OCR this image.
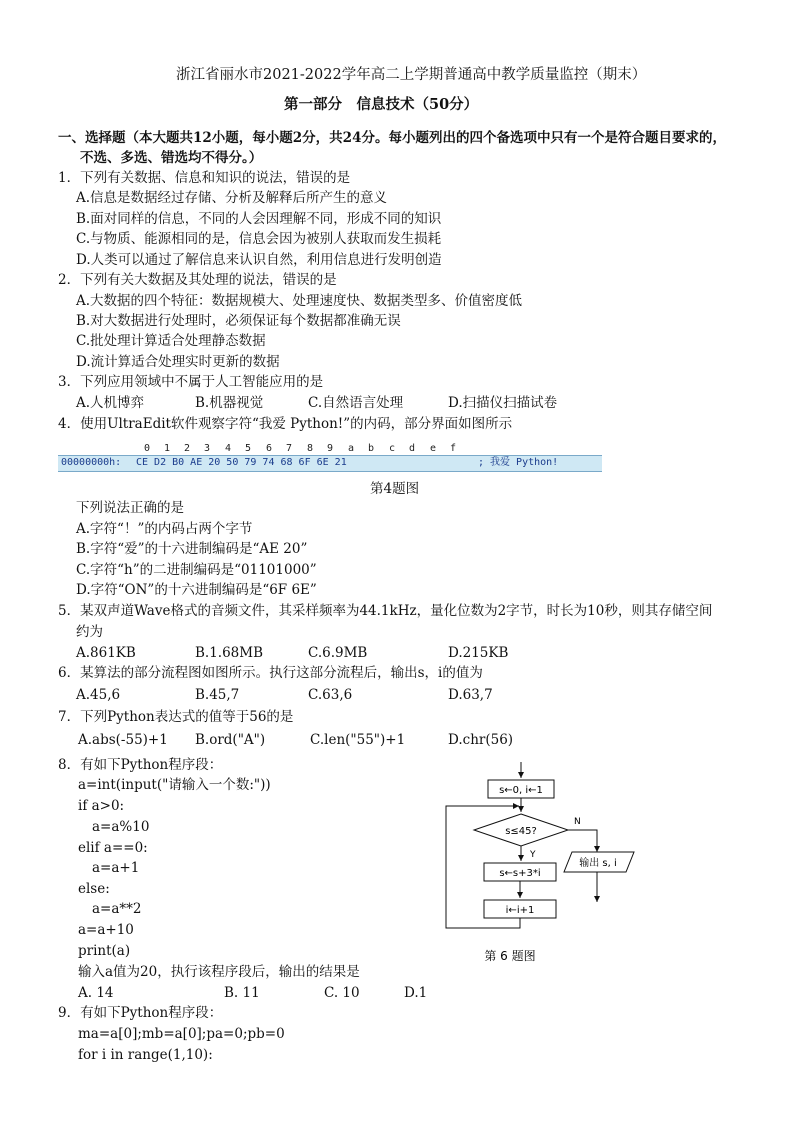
浙江省丽水市2021-2022学年高二上学期普通高中教学质量监控（期末）
第一部分　信息技术（50分）
一、选择题（本大题共12小题，每小题2分，共24分。每小题列出的四个备选项中只有一个是符合题目要求的，
不选、多选、错选均不得分。）
1．下列有关数据、信息和知识的说法，错误的是
A.信息是数据经过存储、分析及解释后所产生的意义
B.面对同样的信息，不同的人会因理解不同，形成不同的知识
C.与物质、能源相同的是，信息会因为被别人获取而发生损耗
D.人类可以通过了解信息来认识自然，利用信息进行发明创造
2．下列有关大数据及其处理的说法，错误的是
A.大数据的四个特征：数据规模大、处理速度快、数据类型多、价值密度低
B.对大数据进行处理时，必须保证每个数据都准确无误
C.批处理计算适合处理静态数据
D.流计算适合处理实时更新的数据
3．下列应用领域中不属于人工智能应用的是
A.人机博弈	B.机器视觉	C.自然语言处理	D.扫描仪扫描试卷
4．使用UltraEdit软件观察字符“我爱 Python!”的内码，部分界面如图所示
0 1 2 3 4 5 6 7 8 9 a b c d e f
00000000h: CE D2 B0 AE 20 50 79 74 68 6F 6E 21	; 我爱 Python!
第4题图
下列说法正确的是
A.字符“！”的内码占两个字节
B.字符“爱”的十六进制编码是“AE 20”
C.字符“h”的二进制编码是“01101000”
D.字符“ON”的十六进制编码是“6F 6E”
5．某双声道Wave格式的音频文件，其采样频率为44.1kHz，量化位数为2字节，时长为10秒，则其存储空间
约为
A.861KB	B.1.68MB	C.6.9MB	D.215KB
6．某算法的部分流程图如图所示。执行这部分流程后，输出s，i的值为
A.45,6	B.45,7	C.63,6	D.63,7
7．下列Python表达式的值等于56的是
A.abs(-55)+1 B.ord("A")	C.len("55")+1	D.chr(56)
8．有如下Python程序段：
a=int(input("请输入一个数:"))
if a>0:
a=a%10
elif a==0:
a=a+1
else:
a=a**2
a=a+10
print(a)
输入a值为20，执行该程序段后，输出的结果是
A. 14	B. 11	C. 10	D.1
s←0, i←1
s≤45?
N
输出 s, i
Y
s←s+3*i
i←i+1
第 6 题图
9．有如下Python程序段：
ma=a[0];mb=a[0];pa=0;pb=0
for i in range(1,10):
